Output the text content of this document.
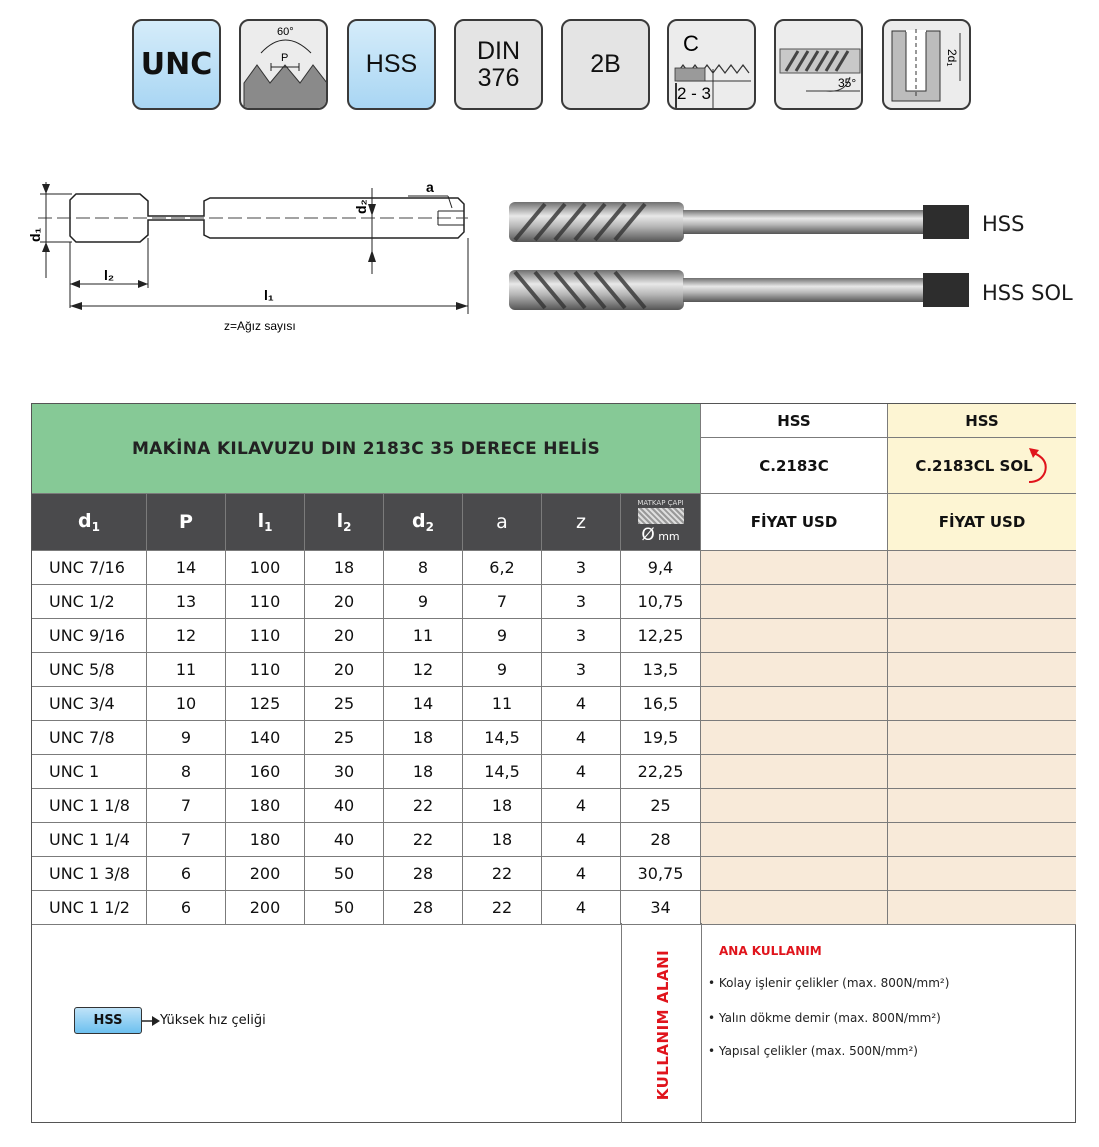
UNC
60°
P	HSS DIN
376	2B
C
2 - 3
35°
2d₁
d₁
d₂
a
l₂
l₁
z=Ağız sayısı
HSS
HSS SOL
MAKİNA KILAVUZU DIN 2183C 35 DERECE HELİS
HSS	HSS
C.2183C	C.2183CL SOL
$d_1$	P	$l_1$	$l_2$	$d_2$	a	z
MATKAP ÇAPI
Ø mm
FİYAT USD	FİYAT USD
UNC 7/16	14	100	18	8	6,2	3	9,4
UNC 1/2	13	110	20	9	7	3	10,75
UNC 9/16	12	110	20	11	9	3	12,25
UNC 5/8	11	110	20	12	9	3	13,5
UNC 3/4	10	125	25	14	11	4	16,5
UNC 7/8	9	140	25	18	14,5	4	19,5
UNC 1	8	160	30	18	14,5	4	22,25
UNC 1 1/8	7	180	40	22	18	4	25
UNC 1 1/4	7	180	40	22	18	4	28
UNC 1 3/8	6	200	50	28	22	4	30,75
UNC 1 1/2	6	200	50	28	22	4	34
HSS	Yüksek hız çeliği	KULLANIM ALANI	ANA KULLANIM
• Kolay işlenir çelikler (max. 800N/mm²)
• Yalın dökme demir (max. 800N/mm²)
• Yapısal çelikler (max. 500N/mm²)
